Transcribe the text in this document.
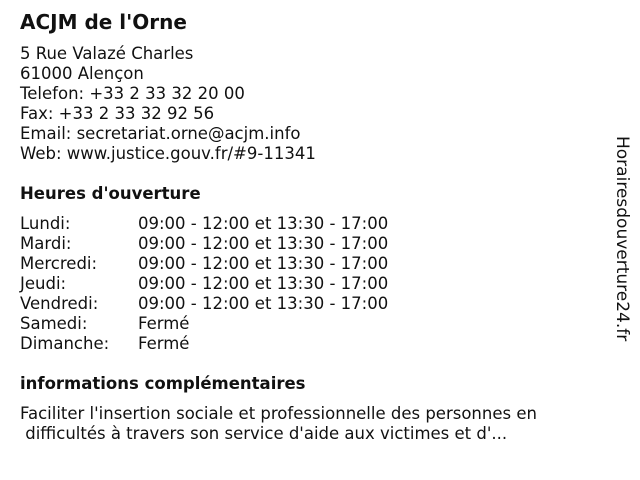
ACJM de l'Orne
5 Rue Valazé Charles
61000 Alençon
Telefon: +33 2 33 32 20 00
Fax: +33 2 33 32 92 56
Email: secretariat.orne@acjm.info
Web: www.justice.gouv.fr/#9-11341
Heures d'ouverture
Lundi:	09:00 - 12:00 et 13:30 - 17:00
Mardi:	09:00 - 12:00 et 13:30 - 17:00
Mercredi:	09:00 - 12:00 et 13:30 - 17:00
Jeudi:	09:00 - 12:00 et 13:30 - 17:00
Vendredi:	09:00 - 12:00 et 13:30 - 17:00
Samedi:	Fermé
Dimanche:	Fermé
informations complémentaires
Faciliter l'insertion sociale et professionnelle des personnes en
difficultés à travers son service d'aide aux victimes et d'...
Horairesdouverture24.fr
